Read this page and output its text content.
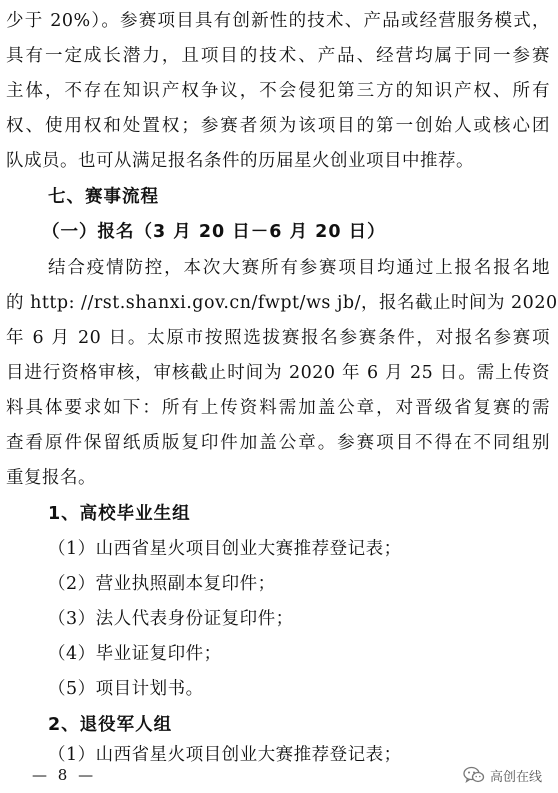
少于 20%）。参赛项目具有创新性的技术、产品或经营服务模式，
具有一定成长潜力，且项目的技术、产品、经营均属于同一参赛
主体，不存在知识产权争议，不会侵犯第三方的知识产权、所有
权、使用权和处置权；参赛者须为该项目的第一创始人或核心团
队成员。也可从满足报名条件的历届星火创业项目中推荐。
七、赛事流程
（一）报名（3 月 20 日－6 月 20 日）
结合疫情防控，本次大赛所有参赛项目均通过上报名报名地
的 http: //rst.shanxi.gov.cn/fwpt/ws jb/，报名截止时间为 2020
年 6 月 20 日。太原市按照选拔赛报名参赛条件，对报名参赛项
目进行资格审核，审核截止时间为 2020 年 6 月 25 日。需上传资
料具体要求如下：所有上传资料需加盖公章，对晋级省复赛的需
查看原件保留纸质版复印件加盖公章。参赛项目不得在不同组别
重复报名。
1、高校毕业生组
（1）山西省星火项目创业大赛推荐登记表；
（2）营业执照副本复印件；
（3）法人代表身份证复印件；
（4）毕业证复印件；
（5）项目计划书。
2、退役军人组
（1）山西省星火项目创业大赛推荐登记表；
— 8 —	高创在线
